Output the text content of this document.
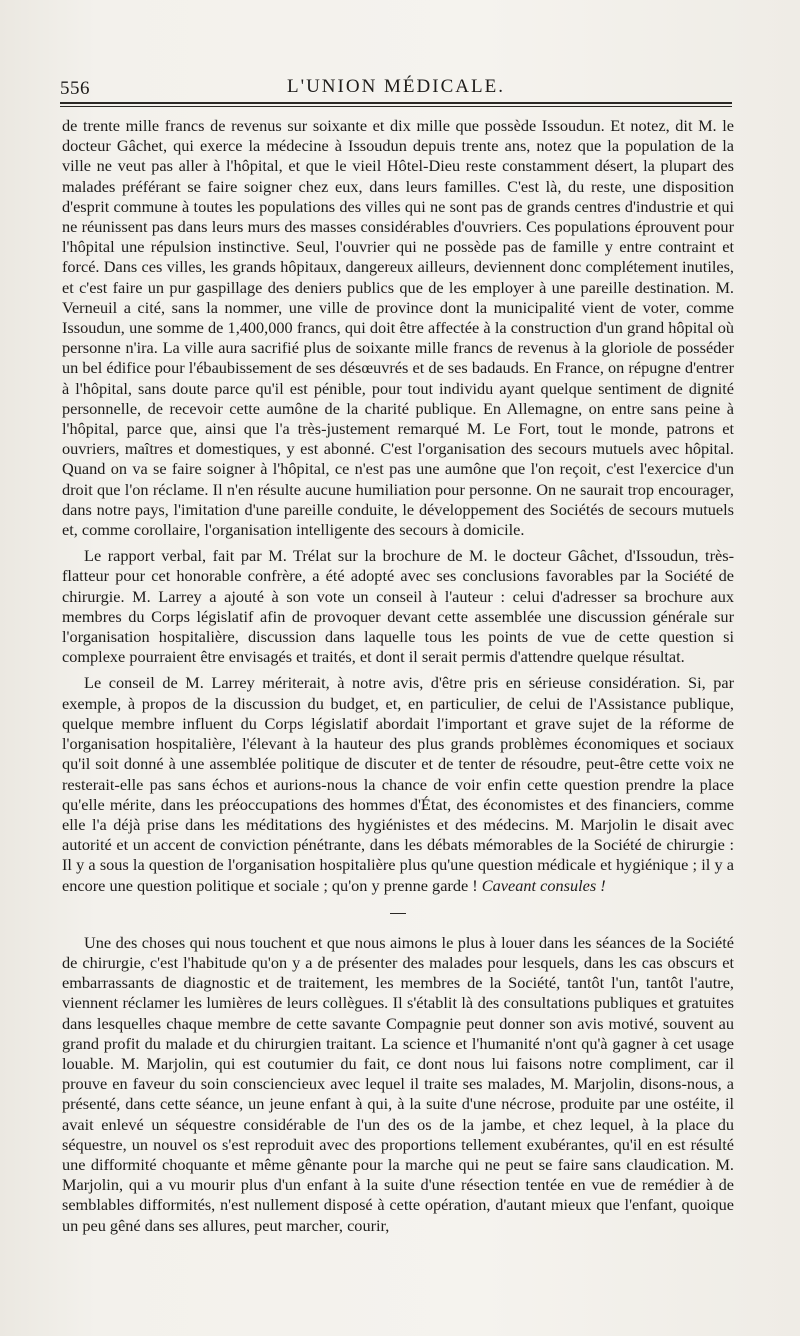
556	L'UNION MÉDICALE.

de trente mille francs de revenus sur soixante et dix mille que possède Issoudun. Et notez, dit M. le docteur Gâchet, qui exerce la médecine à Issoudun depuis trente ans, notez que la population de la ville ne veut pas aller à l'hôpital, et que le vieil Hôtel-Dieu reste constamment désert, la plupart des malades préférant se faire soigner chez eux, dans leurs familles. C'est là, du reste, une disposition d'esprit commune à toutes les populations des villes qui ne sont pas de grands centres d'industrie et qui ne réunissent pas dans leurs murs des masses considérables d'ouvriers. Ces populations éprouvent pour l'hôpital une répulsion instinctive. Seul, l'ouvrier qui ne possède pas de famille y entre contraint et forcé. Dans ces villes, les grands hôpitaux, dangereux ailleurs, deviennent donc complétement inutiles, et c'est faire un pur gaspillage des deniers publics que de les employer à une pareille destination. M. Verneuil a cité, sans la nommer, une ville de province dont la municipalité vient de voter, comme Issoudun, une somme de 1,400,000 francs, qui doit être affectée à la construction d'un grand hôpital où personne n'ira. La ville aura sacrifié plus de soixante mille francs de revenus à la gloriole de posséder un bel édifice pour l'ébaubissement de ses désœuvrés et de ses badauds. En France, on répugne d'entrer à l'hôpital, sans doute parce qu'il est pénible, pour tout individu ayant quelque sentiment de dignité personnelle, de recevoir cette aumône de la charité publique. En Allemagne, on entre sans peine à l'hôpital, parce que, ainsi que l'a très-justement remarqué M. Le Fort, tout le monde, patrons et ouvriers, maîtres et domestiques, y est abonné. C'est l'organisation des secours mutuels avec hôpital. Quand on va se faire soigner à l'hôpital, ce n'est pas une aumône que l'on reçoit, c'est l'exercice d'un droit que l'on réclame. Il n'en résulte aucune humiliation pour personne. On ne saurait trop encourager, dans notre pays, l'imitation d'une pareille conduite, le développement des Sociétés de secours mutuels et, comme corollaire, l'organisation intelligente des secours à domicile.

Le rapport verbal, fait par M. Trélat sur la brochure de M. le docteur Gâchet, d'Issoudun, très-flatteur pour cet honorable confrère, a été adopté avec ses conclusions favorables par la Société de chirurgie. M. Larrey a ajouté à son vote un conseil à l'auteur : celui d'adresser sa brochure aux membres du Corps législatif afin de provoquer devant cette assemblée une discussion générale sur l'organisation hospitalière, discussion dans laquelle tous les points de vue de cette question si complexe pourraient être envisagés et traités, et dont il serait permis d'attendre quelque résultat.

Le conseil de M. Larrey mériterait, à notre avis, d'être pris en sérieuse considération. Si, par exemple, à propos de la discussion du budget, et, en particulier, de celui de l'Assistance publique, quelque membre influent du Corps législatif abordait l'important et grave sujet de la réforme de l'organisation hospitalière, l'élevant à la hauteur des plus grands problèmes économiques et sociaux qu'il soit donné à une assemblée politique de discuter et de tenter de résoudre, peut-être cette voix ne resterait-elle pas sans échos et aurions-nous la chance de voir enfin cette question prendre la place qu'elle mérite, dans les préoccupations des hommes d'État, des économistes et des financiers, comme elle l'a déjà prise dans les méditations des hygiénistes et des médecins. M. Marjolin le disait avec autorité et un accent de conviction pénétrante, dans les débats mémorables de la Société de chirurgie : Il y a sous la question de l'organisation hospitalière plus qu'une question médicale et hygiénique ; il y a encore une question politique et sociale ; qu'on y prenne garde ! Caveant consules !

Une des choses qui nous touchent et que nous aimons le plus à louer dans les séances de la Société de chirurgie, c'est l'habitude qu'on y a de présenter des malades pour lesquels, dans les cas obscurs et embarrassants de diagnostic et de traitement, les membres de la Société, tantôt l'un, tantôt l'autre, viennent réclamer les lumières de leurs collègues. Il s'établit là des consultations publiques et gratuites dans lesquelles chaque membre de cette savante Compagnie peut donner son avis motivé, souvent au grand profit du malade et du chirurgien traitant. La science et l'humanité n'ont qu'à gagner à cet usage louable. M. Marjolin, qui est coutumier du fait, ce dont nous lui faisons notre compliment, car il prouve en faveur du soin consciencieux avec lequel il traite ses malades, M. Marjolin, disons-nous, a présenté, dans cette séance, un jeune enfant à qui, à la suite d'une nécrose, produite par une ostéite, il avait enlevé un séquestre considérable de l'un des os de la jambe, et chez lequel, à la place du séquestre, un nouvel os s'est reproduit avec des proportions tellement exubérantes, qu'il en est résulté une difformité choquante et même gênante pour la marche qui ne peut se faire sans claudication. M. Marjolin, qui a vu mourir plus d'un enfant à la suite d'une résection tentée en vue de remédier à de semblables difformités, n'est nullement disposé à cette opération, d'autant mieux que l'enfant, quoique un peu gêné dans ses allures, peut marcher, courir,
